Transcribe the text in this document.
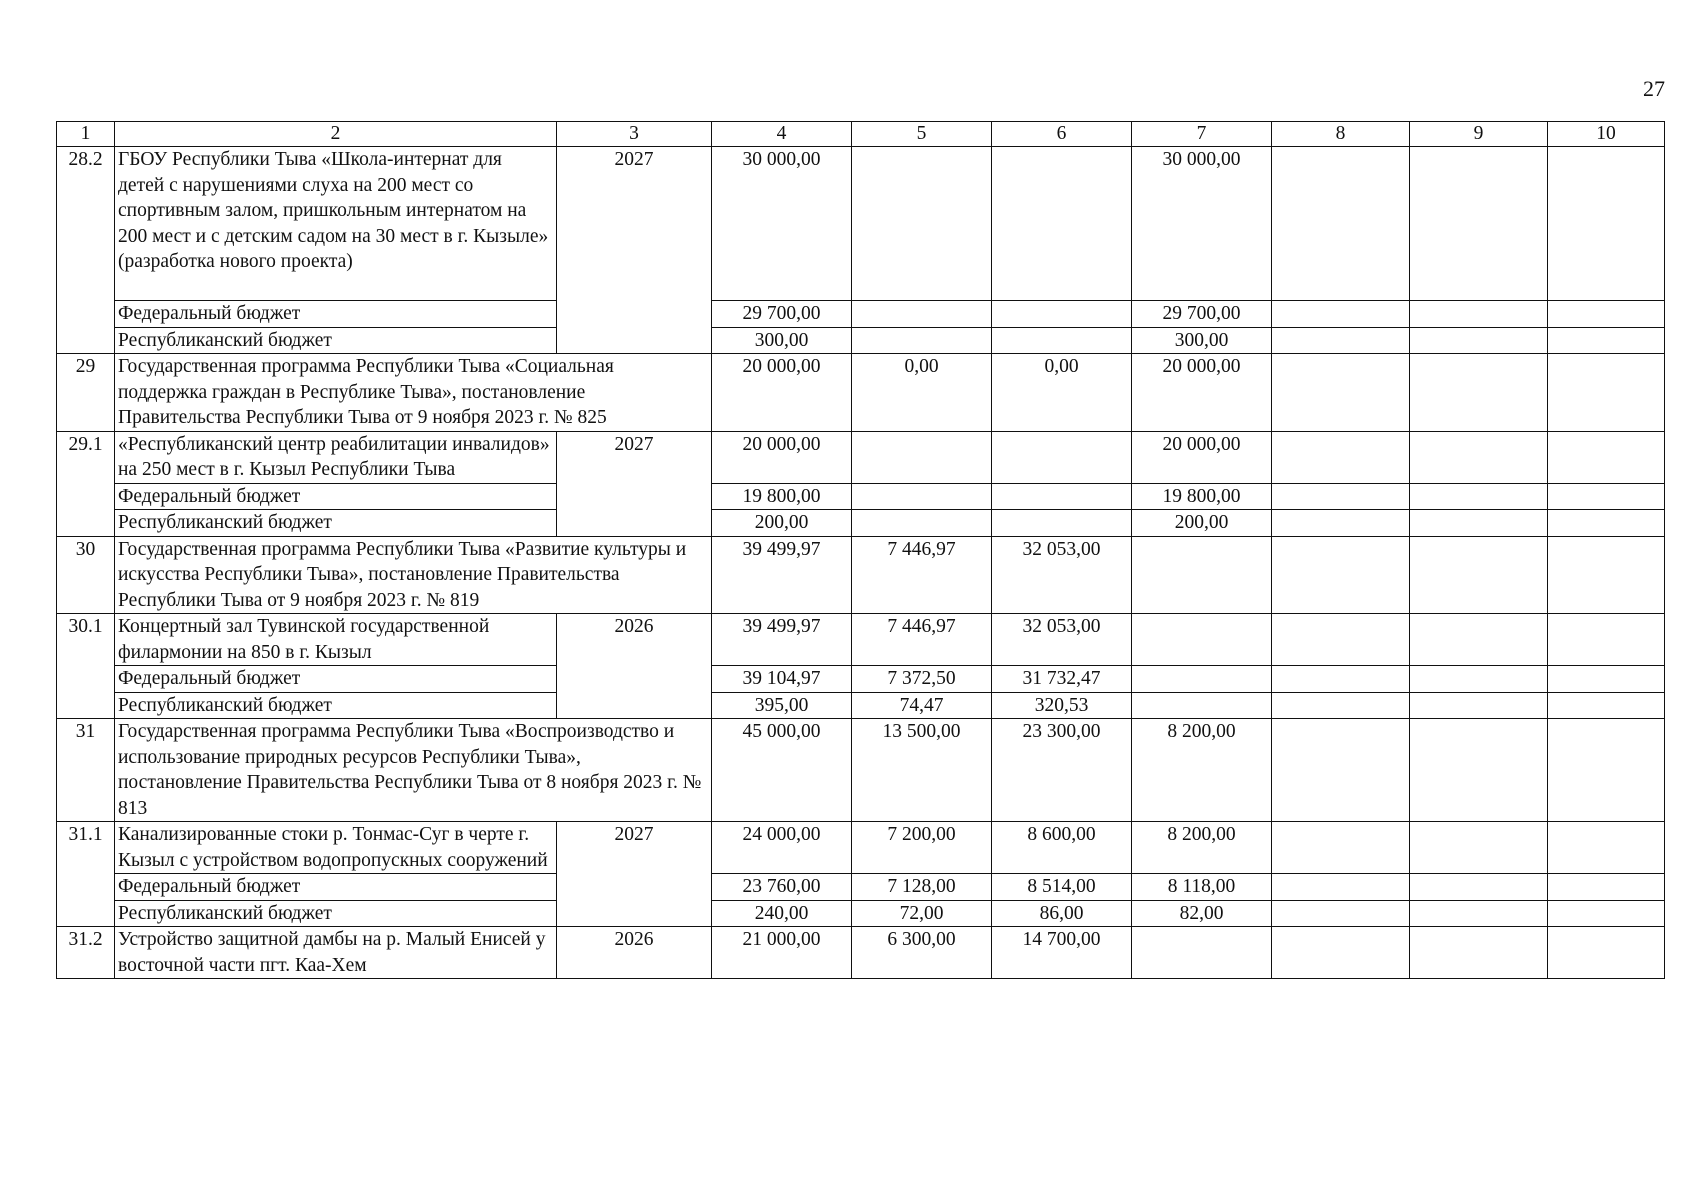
27
1	2	3	4	5	6	7	8	9	10
28.2	ГБОУ Республики Тыва «Школа-интернат для детей с нарушениями слуха на 200 мест со спортивным залом, пришкольным интернатом на 200 мест и с детским садом на 30 мест в г. Кызыле» (разработка нового проекта)	2027	30 000,00			30 000,00			
	Федеральный бюджет		29 700,00			29 700,00			
	Республиканский бюджет		300,00			300,00			
29	Государственная программа Республики Тыва «Социальная поддержка граждан в Республике Тыва», постановление Правительства Республики Тыва от 9 ноября 2023 г. № 825		20 000,00	0,00	0,00	20 000,00			
29.1	«Республиканский центр реабилитации инвалидов» на 250 мест в г. Кызыл Республики Тыва	2027	20 000,00			20 000,00			
	Федеральный бюджет		19 800,00			19 800,00			
	Республиканский бюджет		200,00			200,00			
30	Государственная программа Республики Тыва «Развитие культуры и искусства Республики Тыва», постановление Правительства Республики Тыва от 9 ноября 2023 г. № 819		39 499,97	7 446,97	32 053,00				
30.1	Концертный зал Тувинской государственной филармонии на 850 в г. Кызыл	2026	39 499,97	7 446,97	32 053,00				
	Федеральный бюджет		39 104,97	7 372,50	31 732,47				
	Республиканский бюджет		395,00	74,47	320,53				
31	Государственная программа Республики Тыва «Воспроизводство и использование природных ресурсов Республики Тыва», постановление Правительства Республики Тыва от 8 ноября 2023 г. № 813		45 000,00	13 500,00	23 300,00	8 200,00			
31.1	Канализированные стоки р. Тонмас-Суг в черте г. Кызыл с устройством водопропускных сооружений	2027	24 000,00	7 200,00	8 600,00	8 200,00			
	Федеральный бюджет		23 760,00	7 128,00	8 514,00	8 118,00			
	Республиканский бюджет		240,00	72,00	86,00	82,00			
31.2	Устройство защитной дамбы на р. Малый Енисей у восточной части пгт. Каа-Хем	2026	21 000,00	6 300,00	14 700,00				
